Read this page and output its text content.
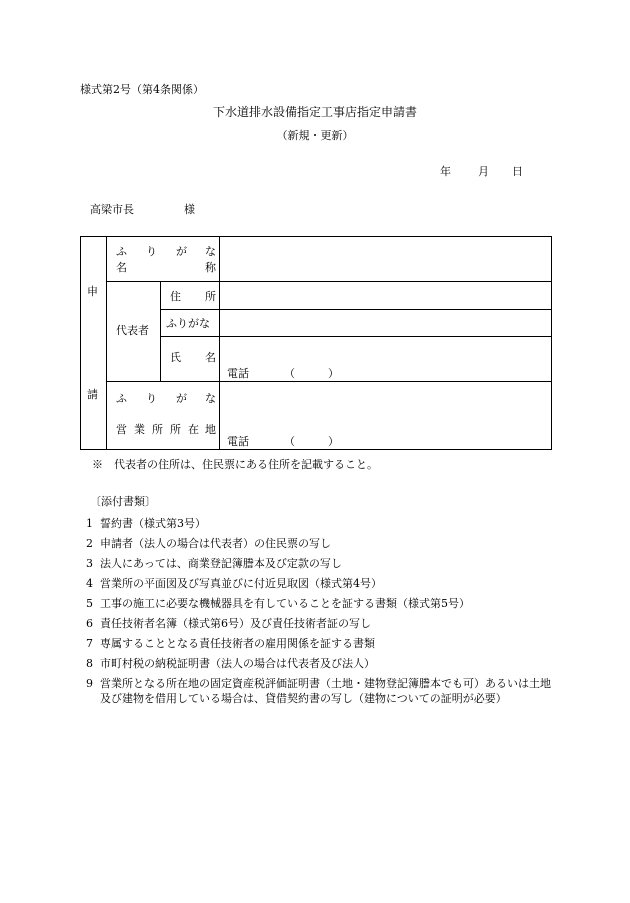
様式第2号（第4条関係）
下水道排水設備指定工事店指定申請書
（新規・更新）
年 月 日
高梁市長	様
申
請
ふ り が な
名	称
代表者
住 所
ふりがな
氏 名
電話	（　　　）
ふ り が な
営 業 所 所 在 地
電話	（　　　）
※　代表者の住所は、住民票にある住所を記載すること。
〔添付書類〕
1 誓約書（様式第3号）
2 申請者（法人の場合は代表者）の住民票の写し
3 法人にあっては、商業登記簿謄本及び定款の写し
4 営業所の平面図及び写真並びに付近見取図（様式第4号）
5 工事の施工に必要な機械器具を有していることを証する書類（様式第5号）
6 責任技術者名簿（様式第6号）及び責任技術者証の写し
7 専属することとなる責任技術者の雇用関係を証する書類
8 市町村税の納税証明書（法人の場合は代表者及び法人）
9 営業所となる所在地の固定資産税評価証明書（土地・建物登記簿謄本でも可）あるいは土地及び建物を借用している場合は、貸借契約書の写し（建物についての証明が必要）
